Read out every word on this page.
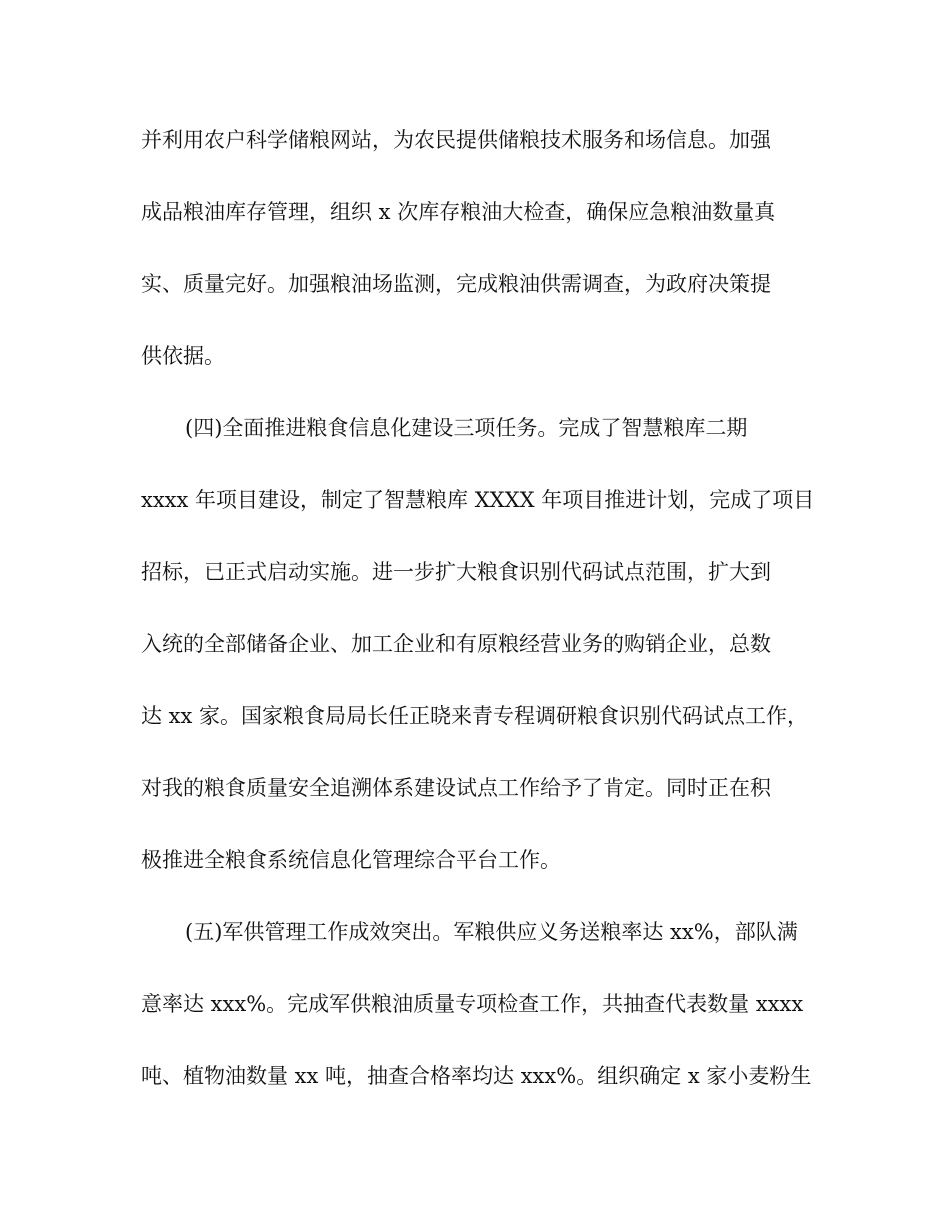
并利用农户科学储粮网站，为农民提供储粮技术服务和场信息。加强
成品粮油库存管理，组织 x 次库存粮油大检查，确保应急粮油数量真
实、质量完好。加强粮油场监测，完成粮油供需调查，为政府决策提
供依据。
(四)全面推进粮食信息化建设三项任务。完成了智慧粮库二期
xxxx 年项目建设，制定了智慧粮库 XXXX 年项目推进计划，完成了项目
招标，已正式启动实施。进一步扩大粮食识别代码试点范围，扩大到
入统的全部储备企业、加工企业和有原粮经营业务的购销企业，总数
达 xx 家。国家粮食局局长任正晓来青专程调研粮食识别代码试点工作，
对我的粮食质量安全追溯体系建设试点工作给予了肯定。同时正在积
极推进全粮食系统信息化管理综合平台工作。
(五)军供管理工作成效突出。军粮供应义务送粮率达 xx%，部队满
意率达 xxx%。完成军供粮油质量专项检查工作，共抽查代表数量 xxxx
吨、植物油数量 xx 吨，抽查合格率均达 xxx%。组织确定 x 家小麦粉生
